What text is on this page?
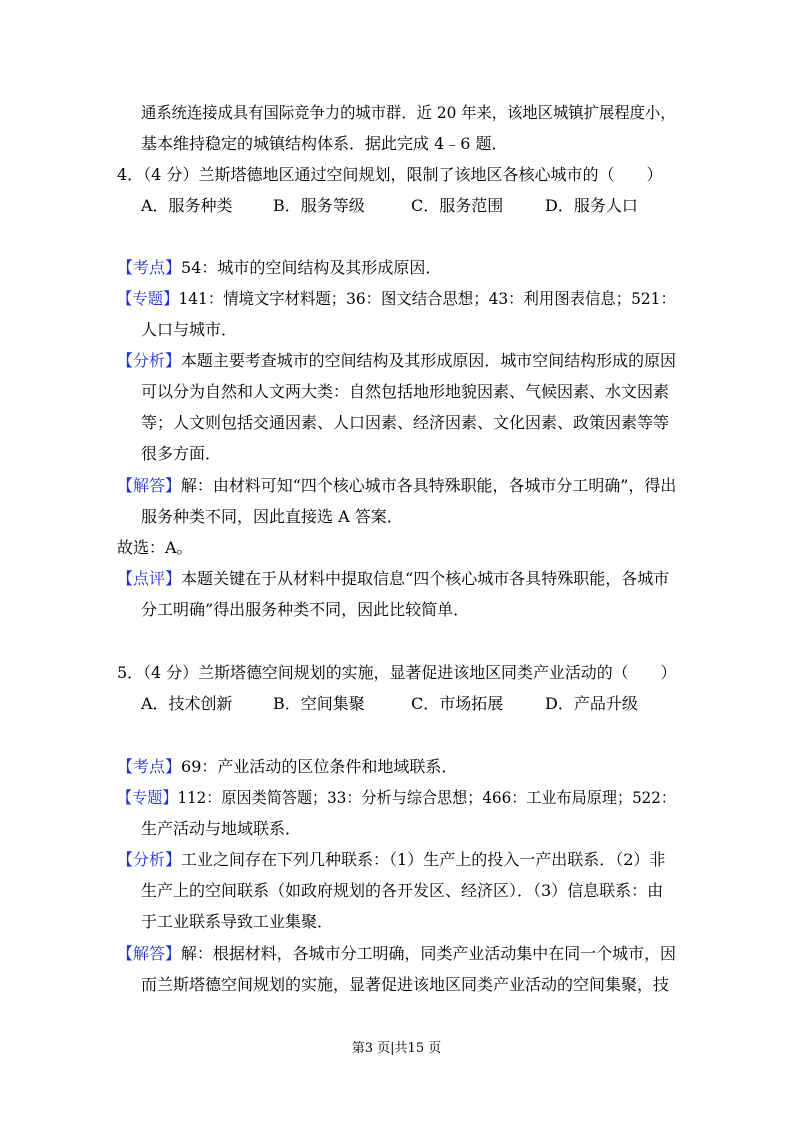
通系统连接成具有国际竞争力的城市群．近 20 年来，该地区城镇扩展程度小，
基本维持稳定的城镇结构体系．据此完成 4﹣6 题．
4．（4 分）兰斯塔德地区通过空间规划，限制了该地区各核心城市的（　　）
A．服务种类	B．服务等级	C．服务范围	D．服务人口
【考点】54：城市的空间结构及其形成原因．
【专题】141：情境文字材料题；36：图文结合思想；43：利用图表信息；521：
人口与城市．
【分析】本题主要考查城市的空间结构及其形成原因．城市空间结构形成的原因
可以分为自然和人文两大类：自然包括地形地貌因素、气候因素、水文因素
等；人文则包括交通因素、人口因素、经济因素、文化因素、政策因素等等
很多方面．
【解答】解：由材料可知“四个核心城市各具特殊职能，各城市分工明确”，得出
服务种类不同，因此直接选 A 答案．
故选：A。
【点评】本题关键在于从材料中提取信息“四个核心城市各具特殊职能，各城市
分工明确”得出服务种类不同，因此比较简单．
5．（4 分）兰斯塔德空间规划的实施，显著促进该地区同类产业活动的（　　）
A．技术创新	B．空间集聚	C．市场拓展	D．产品升级
【考点】69：产业活动的区位条件和地域联系．
【专题】112：原因类简答题；33：分析与综合思想；466：工业布局原理；522：
生产活动与地域联系．
【分析】工业之间存在下列几种联系：（1）生产上的投入一产出联系．（2）非
生产上的空间联系（如政府规划的各开发区、经济区）．（3）信息联系：由
于工业联系导致工业集聚．
【解答】解：根据材料，各城市分工明确，同类产业活动集中在同一个城市，因
而兰斯塔德空间规划的实施，显著促进该地区同类产业活动的空间集聚，技
第3 页|共15 页
